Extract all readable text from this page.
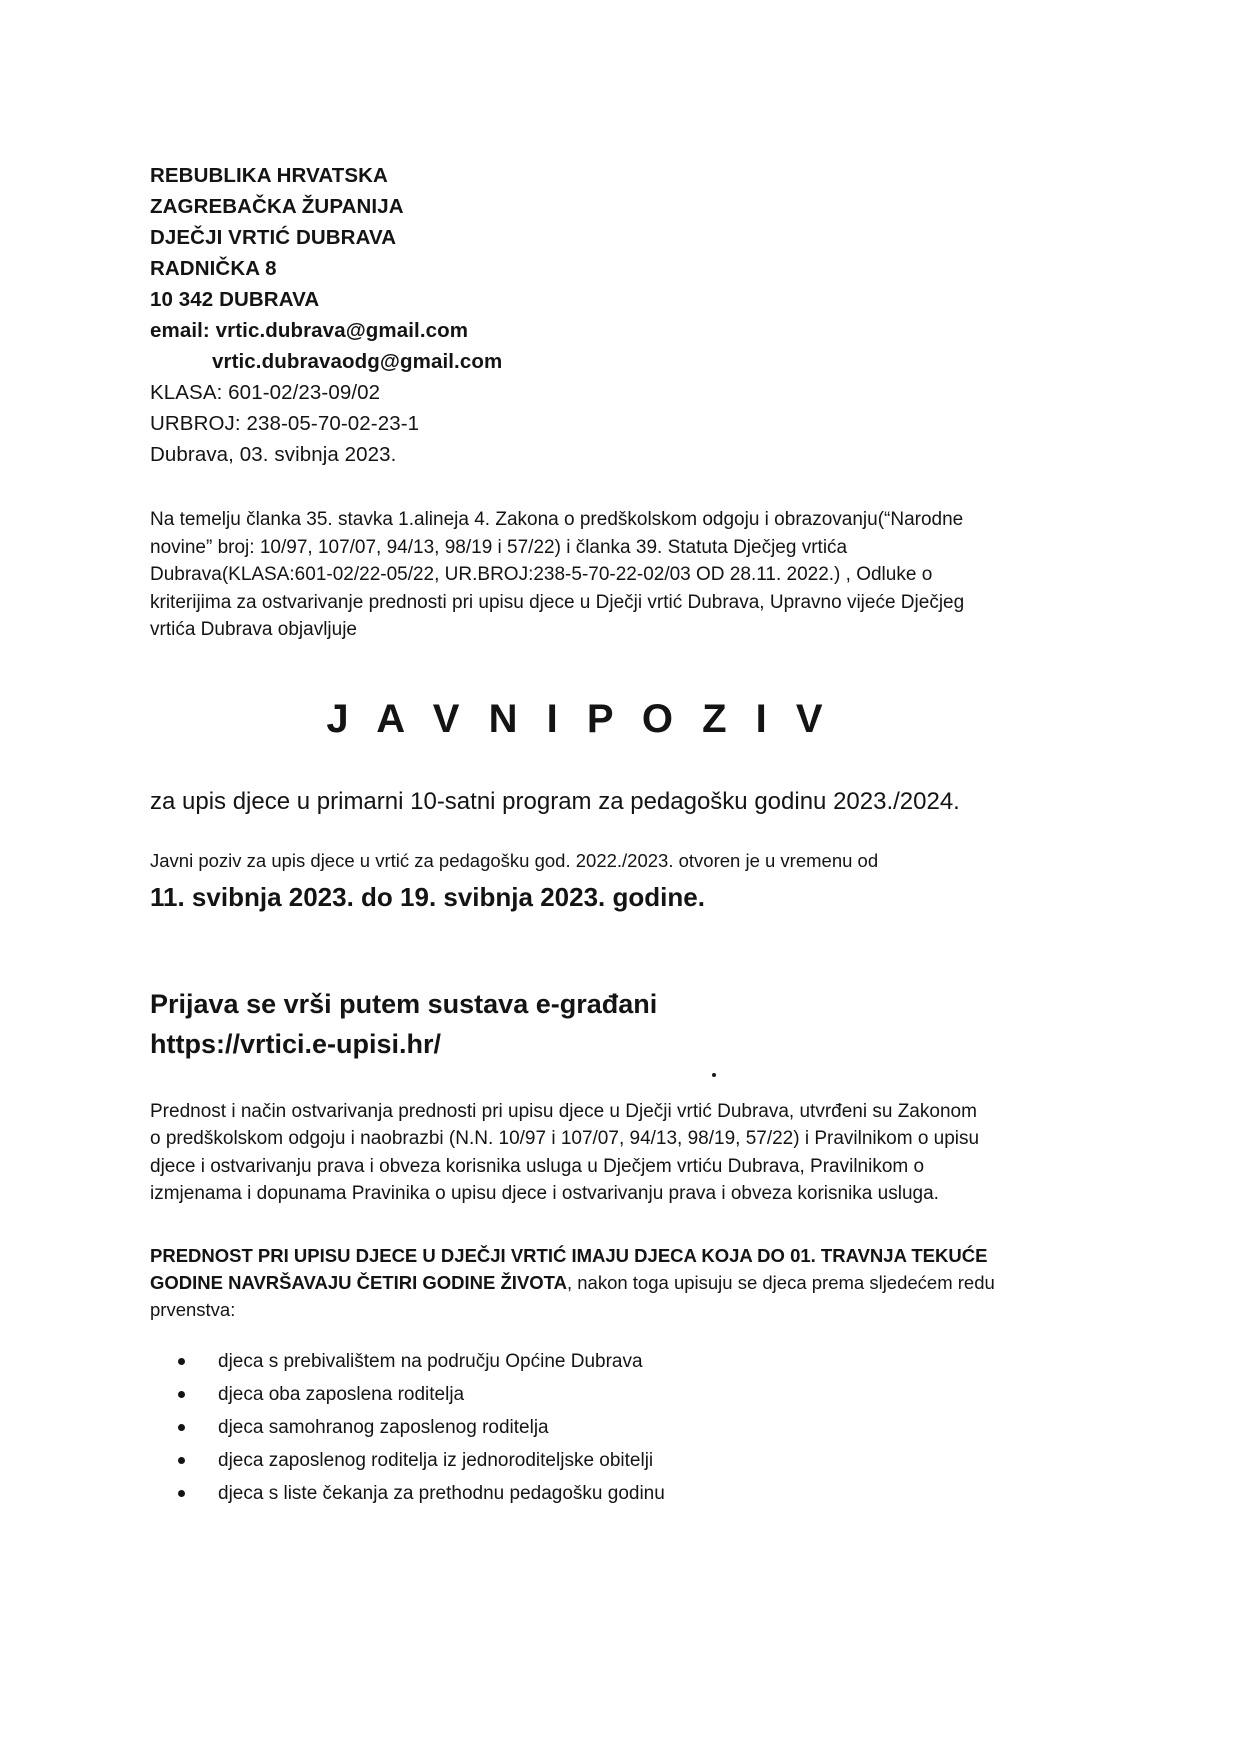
REBUBLIKA HRVATSKA
ZAGREBAČKA ŽUPANIJA
DJEČJI VRTIĆ DUBRAVA
RADNIČKA 8
10 342 DUBRAVA
email: vrtic.dubrava@gmail.com
vrtic.dubravaodg@gmail.com
KLASA: 601-02/23-09/02
URBROJ: 238-05-70-02-23-1
Dubrava, 03. svibnja 2023.
Na temelju članka 35. stavka 1.alineja 4. Zakona o predškolskom odgoju i obrazovanju(“Narodne novine” broj: 10/97, 107/07, 94/13, 98/19 i 57/22) i članka 39. Statuta Dječjeg vrtića Dubrava(KLASA:601-02/22-05/22, UR.BROJ:238-5-70-22-02/03 OD 28.11. 2022.) , Odluke o kriterijima za ostvarivanje prednosti pri upisu djece u Dječji vrtić Dubrava, Upravno vijeće Dječjeg vrtića Dubrava objavljuje
J A V N I P O Z I V
za upis djece u primarni 10-satni program za pedagošku godinu 2023./2024.
Javni poziv za upis djece u vrtić za pedagošku god. 2022./2023. otvoren je u vremenu od
11. svibnja 2023. do 19. svibnja 2023. godine.
Prijava se vrši putem sustava e-građani
https://vrtici.e-upisi.hr/
Prednost i način ostvarivanja prednosti pri upisu djece u Dječji vrtić Dubrava, utvrđeni su Zakonom o predškolskom odgoju i naobrazbi (N.N. 10/97 i 107/07, 94/13, 98/19, 57/22) i Pravilnikom o upisu djece i ostvarivanju prava i obveza korisnika usluga u Dječjem vrtiću Dubrava, Pravilnikom o izmjenama i dopunama Pravinika o upisu djece i ostvarivanju prava i obveza korisnika usluga.
PREDNOST PRI UPISU DJECE U DJEČJI VRTIĆ IMAJU DJECA KOJA DO 01. TRAVNJA TEKUĆE GODINE NAVRŠAVAJU ČETIRI GODINE ŽIVOTA, nakon toga upisuju se djeca prema sljedećem redu prvenstva:
djeca s prebivalištem na području Općine Dubrava
djeca oba zaposlena roditelja
djeca samohranog zaposlenog roditelja
djeca zaposlenog roditelja iz jednoroditeljske obitelji
djeca s liste čekanja za prethodnu pedagošku godinu
